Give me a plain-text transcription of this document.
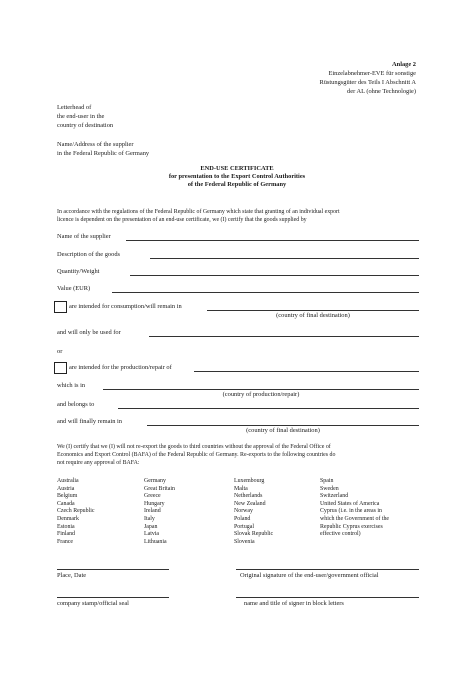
Anlage 2
Einzelabnehmer-EVE für sonstige
Rüstungsgüter des Teils I Abschnitt A
der AL (ohne Technologie)
Letterhead of
the end-user in the
country of destination
Name/Address of the supplier
in the Federal Republic of Germany
END-USE CERTIFICATE
for presentation to the Export Control Authorities
of the Federal Republic of Germany
In accordance with the regulations of the Federal Republic of Germany which state that granting of an individual export
licence is dependent on the presentation of an end-use certificate, we (I) certify that the goods supplied by
Name of the supplier
Description of the goods
Quantity/Weight
Value (EUR)
are intended for consumption/will remain in
(country of final destination)
and will only be used for
or
are intended for the production/repair of
which is in
(country of production/repair)
and belongs to
and will finally remain in
(country of final destination)
We (I) certify that we (I) will not re-export the goods to third countries without the approval of the Federal Office of
Economics and Export Control (BAFA) of the Federal Republic of Germany. Re-exports to the following countries do
not require any approval of BAFA:
Australia
Austria
Belgium
Canada
Czech Republic
Denmark
Estonia
Finland
France
Germany
Great Britain
Greece
Hungary
Ireland
Italy
Japan
Latvia
Lithuania
Luxembourg
Malta
Netherlands
New Zealand
Norway
Poland
Portugal
Slovak Republic
Slovenia
Spain
Sweden
Switzerland
United States of America
Cyprus (i.e. in the areas in
which the Government of the
Republic Cyprus exercises
effective control)
Place, Date	Original signature of the end-user/government official
company stamp/official seal	name and title of signer in block letters
